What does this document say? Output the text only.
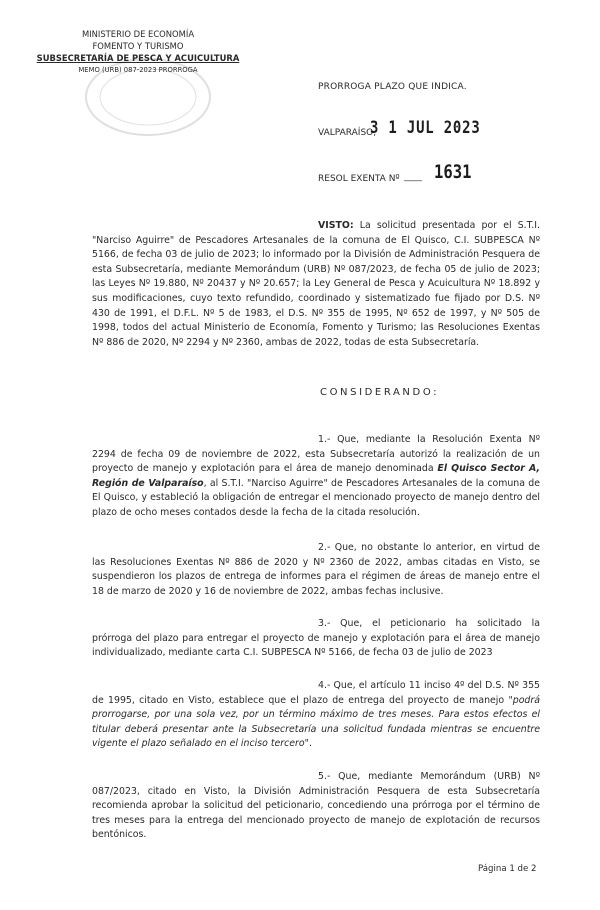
MINISTERIO DE ECONOMÍA
FOMENTO Y TURISMO
SUBSECRETARÍA DE PESCA Y ACUICULTURA
MEMO (URB) 087-2023 PRORROGA
PRORROGA PLAZO QUE INDICA.
VALPARAÍSO,
3 1 JUL 2023
RESOL EXENTA Nº ____ 1631

VISTO: La solicitud presentada por el S.T.I. "Narciso Aguirre" de Pescadores Artesanales de la comuna de El Quisco, C.I. SUBPESCA Nº 5166, de fecha 03 de julio de 2023; lo informado por la División de Administración Pesquera de esta Subsecretaría, mediante Memorándum (URB) Nº 087/2023, de fecha 05 de julio de 2023; las Leyes Nº 19.880, Nº 20437 y Nº 20.657; la Ley General de Pesca y Acuicultura Nº 18.892 y sus modificaciones, cuyo texto refundido, coordinado y sistematizado fue fijado por D.S. Nº 430 de 1991, el D.F.L. Nº 5 de 1983, el D.S. Nº 355 de 1995, Nº 652 de 1997, y Nº 505 de 1998, todos del actual Ministerio de Economía, Fomento y Turismo; las Resoluciones Exentas Nº 886 de 2020, Nº 2294 y Nº 2360, ambas de 2022, todas de esta Subsecretaría.

CONSIDERANDO:

1.- Que, mediante la Resolución Exenta Nº 2294 de fecha 09 de noviembre de 2022, esta Subsecretaría autorizó la realización de un proyecto de manejo y explotación para el área de manejo denominada El Quisco Sector A, Región de Valparaíso, al S.T.I. "Narciso Aguirre" de Pescadores Artesanales de la comuna de El Quisco, y estableció la obligación de entregar el mencionado proyecto de manejo dentro del plazo de ocho meses contados desde la fecha de la citada resolución.

2.- Que, no obstante lo anterior, en virtud de las Resoluciones Exentas Nº 886 de 2020 y Nº 2360 de 2022, ambas citadas en Visto, se suspendieron los plazos de entrega de informes para el régimen de áreas de manejo entre el 18 de marzo de 2020 y 16 de noviembre de 2022, ambas fechas inclusive.

3.- Que, el peticionario ha solicitado la prórroga del plazo para entregar el proyecto de manejo y explotación para el área de manejo individualizado, mediante carta C.I. SUBPESCA Nº 5166, de fecha 03 de julio de 2023

4.- Que, el artículo 11 inciso 4º del D.S. Nº 355 de 1995, citado en Visto, establece que el plazo de entrega del proyecto de manejo "podrá prorrogarse, por una sola vez, por un término máximo de tres meses. Para estos efectos el titular deberá presentar ante la Subsecretaría una solicitud fundada mientras se encuentre vigente el plazo señalado en el inciso tercero".

5.- Que, mediante Memorándum (URB) Nº 087/2023, citado en Visto, la División Administración Pesquera de esta Subsecretaría recomienda aprobar la solicitud del peticionario, concediendo una prórroga por el término de tres meses para la entrega del mencionado proyecto de manejo de explotación de recursos bentónicos.

Página 1 de 2
